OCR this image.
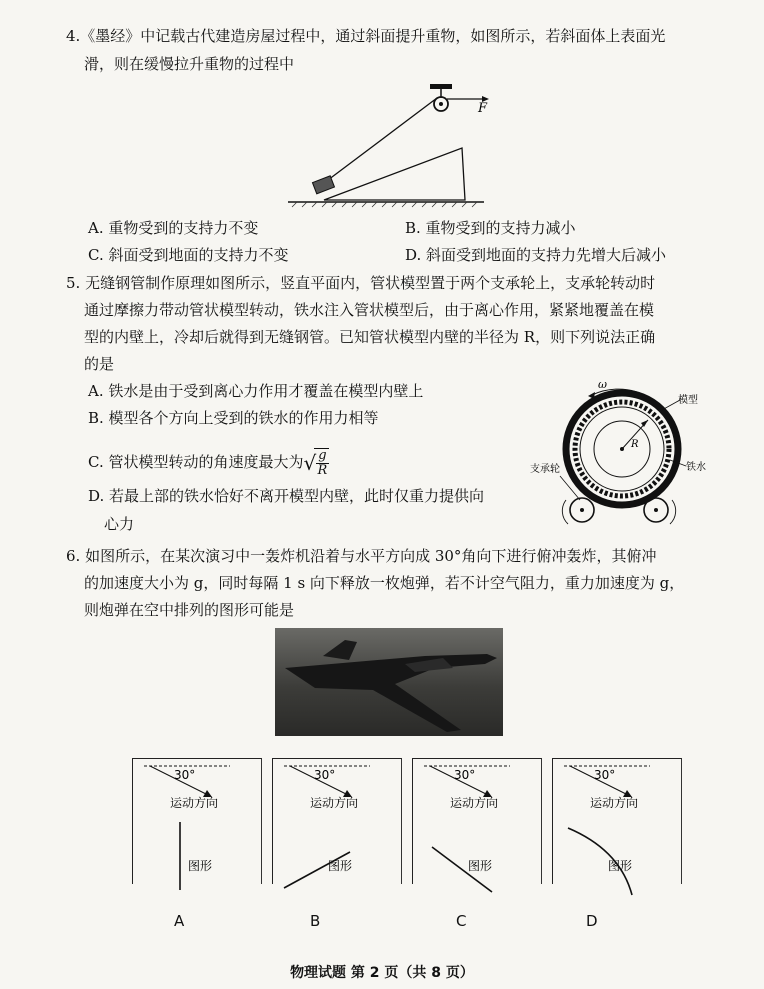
4.《墨经》中记载古代建造房屋过程中，通过斜面提升重物，如图所示，若斜面体上表面光
滑，则在缓慢拉升重物的过程中
F
A. 重物受到的支持力不变	B. 重物受到的支持力减小
C. 斜面受到地面的支持力不变	D. 斜面受到地面的支持力先增大后减小
5. 无缝钢管制作原理如图所示，竖直平面内，管状模型置于两个支承轮上，支承轮转动时
通过摩擦力带动管状模型转动，铁水注入管状模型后，由于离心作用，紧紧地覆盖在模
型的内壁上，冷却后就得到无缝钢管。已知管状模型内壁的半径为 R，则下列说法正确
的是
A. 铁水是由于受到离心力作用才覆盖在模型内壁上
B. 模型各个方向上受到的铁水的作用力相等
C. 管状模型转动的角速度最大为√ $\frac{g}{R}$
D. 若最上部的铁水恰好不离开模型内壁，此时仅重力提供向
心力
ω
R
模型
铁水
支承轮
6. 如图所示，在某次演习中一轰炸机沿着与水平方向成 30°角向下进行俯冲轰炸，其俯冲
的加速度大小为 g，同时每隔 1 s 向下释放一枚炮弹，若不计空气阻力，重力加速度为 g，
则炮弹在空中排列的图形可能是
30°
运动方向
图形
30°
运动方向
图形
30°
运动方向
图形
30°
运动方向
图形
A	B	C	D
物理试题 第 2 页（共 8 页）
